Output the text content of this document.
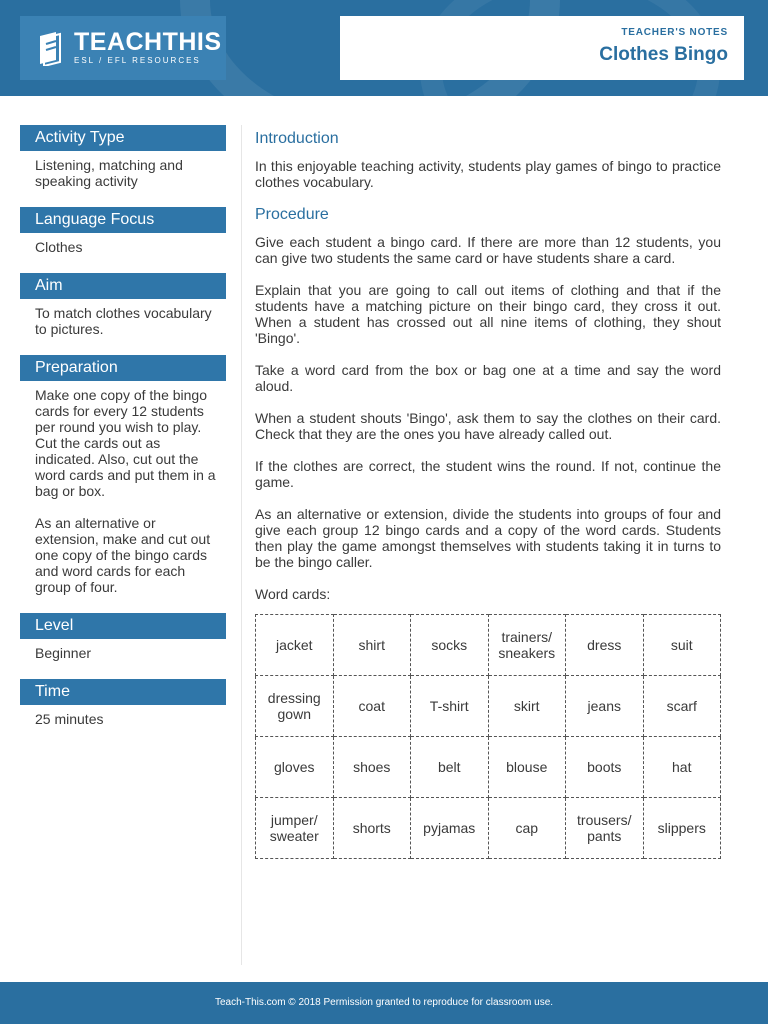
TEACHTHIS
ESL / EFL RESOURCES
TEACHER'S NOTES
Clothes Bingo
Activity Type
Listening, matching and speaking activity
Language Focus
Clothes
Aim
To match clothes vocabulary to pictures.
Preparation

Make one copy of the bingo cards for every 12 students per round you wish to play. Cut the cards out as indicated. Also, cut out the word cards and put them in a bag or box.

As an alternative or extension, make and cut out one copy of the bingo cards and word cards for each group of four.

Level
Beginner
Time
25 minutes
Introduction

In this enjoyable teaching activity, students play games of bingo to practice clothes vocabulary.

Procedure

Give each student a bingo card. If there are more than 12 students, you can give two students the same card or have students share a card.

Explain that you are going to call out items of clothing and that if the students have a matching picture on their bingo card, they cross it out. When a student has crossed out all nine items of clothing, they shout 'Bingo'.

Take a word card from the box or bag one at a time and say the word aloud.

When a student shouts 'Bingo', ask them to say the clothes on their card. Check that they are the ones you have already called out.

If the clothes are correct, the student wins the round. If not, continue the game.

As an alternative or extension, divide the students into groups of four and give each group 12 bingo cards and a copy of the word cards. Students then play the game amongst themselves with students taking it in turns to be the bingo caller.

Word cards:

jacket	shirt	socks	trainers/
sneakers	dress	suit
dressing
gown	coat	T-shirt	skirt	jeans	scarf
gloves	shoes	belt	blouse	boots	hat
jumper/
sweater	shorts	pyjamas	cap	trousers/
pants	slippers
Teach-This.com © 2018 Permission granted to reproduce for classroom use.
